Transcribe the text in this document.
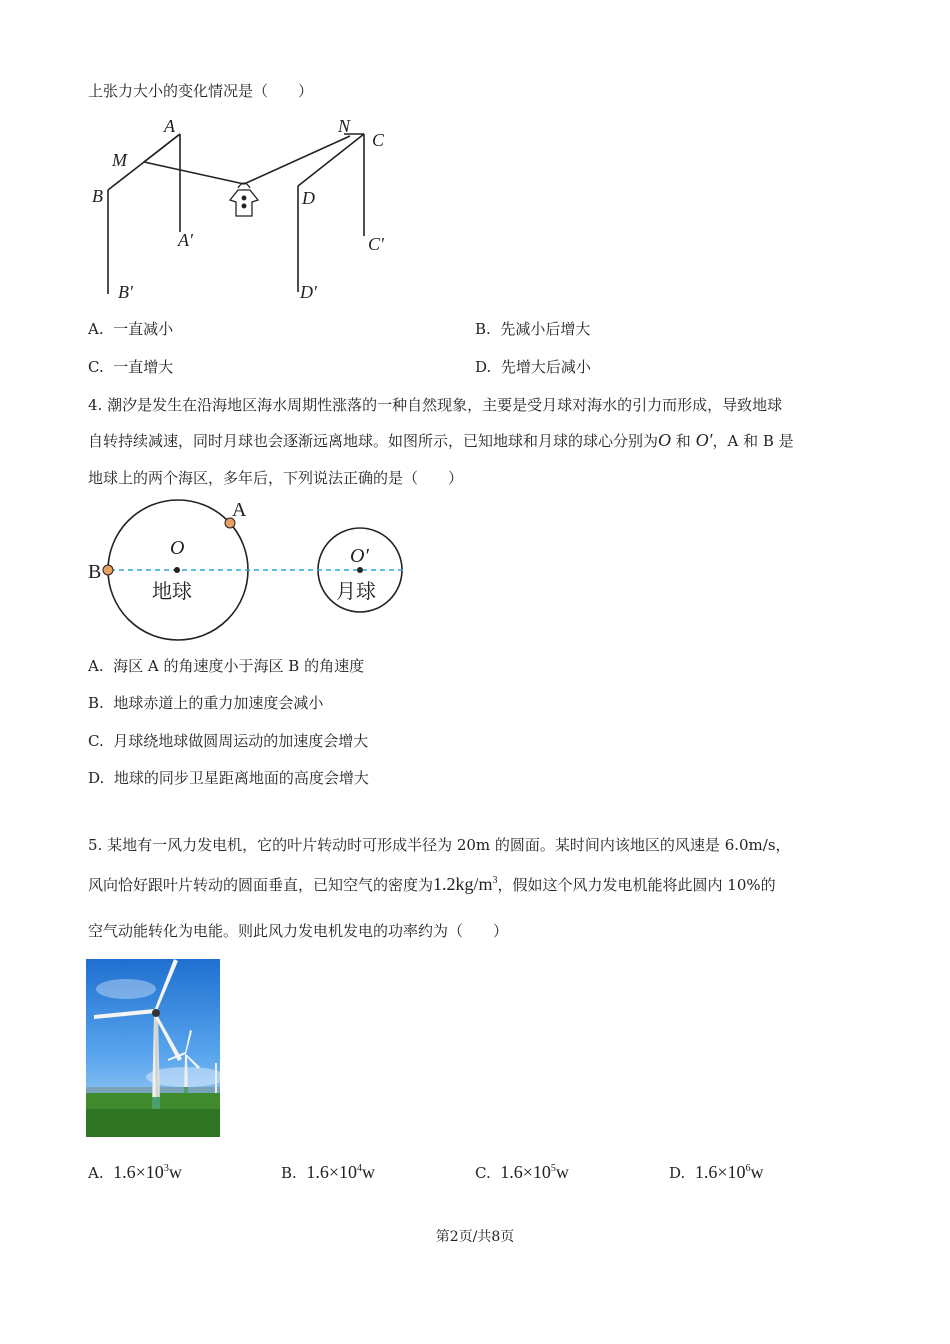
上张力大小的变化情况是（　　）
A
M
B
A′
B′
N
C
D
C′
D′
A. 一直减小	B. 先减小后增大
C. 一直增大	D. 先增大后减小
4. 潮汐是发生在沿海地区海水周期性涨落的一种自然现象，主要是受月球对海水的引力而形成，导致地球
自转持续减速，同时月球也会逐渐远离地球。如图所示，已知地球和月球的球心分别为O 和 O′，A 和 B 是
地球上的两个海区，多年后，下列说法正确的是（　　）
B
A
O	O′
地球	月球
A. 海区 A 的角速度小于海区 B 的角速度
B. 地球赤道上的重力加速度会减小
C. 月球绕地球做圆周运动的加速度会增大
D. 地球的同步卫星距离地面的高度会增大
5. 某地有一风力发电机，它的叶片转动时可形成半径为 20m 的圆面。某时间内该地区的风速是 6.0m/s，
风向恰好跟叶片转动的圆面垂直，已知空气的密度为$1.2kg/m^3$，假如这个风力发电机能将此圆内 10%的
空气动能转化为电能。则此风力发电机发电的功率约为（　　）
A. $1.6\times 10^3w$	B. $1.6\times 10^4w$	C. $1.6\times 10^5w$	D. $1.6\times 10^6w$
第2页/共8页
